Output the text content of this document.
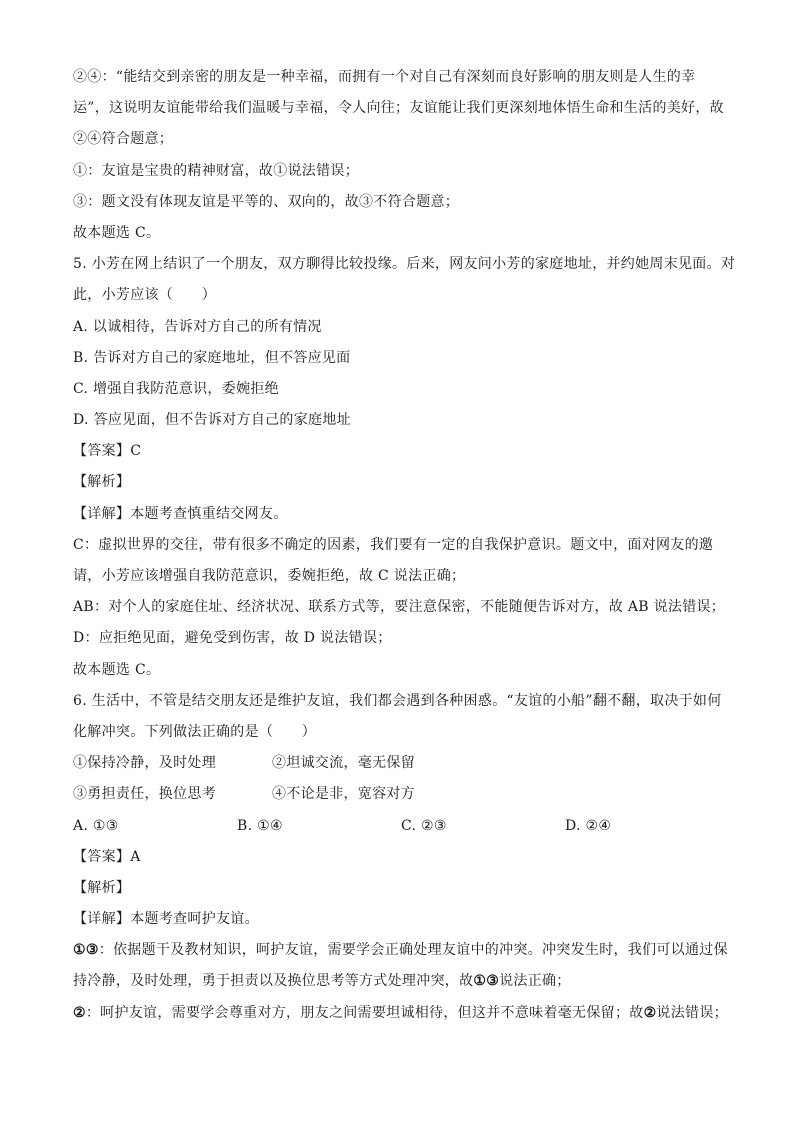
②④：“能结交到亲密的朋友是一种幸福，而拥有一个对自己有深刻而良好影响的朋友则是人生的幸
运”，这说明友谊能带给我们温暖与幸福，令人向往；友谊能让我们更深刻地体悟生命和生活的美好，故
②④符合题意；
①：友谊是宝贵的精神财富，故①说法错误；
③：题文没有体现友谊是平等的、双向的，故③不符合题意；
故本题选 C。
5. 小芳在网上结识了一个朋友，双方聊得比较投缘。后来，网友问小芳的家庭地址，并约她周末见面。对
此，小芳应该（　　）
A. 以诚相待，告诉对方自己的所有情况
B. 告诉对方自己的家庭地址，但不答应见面
C. 增强自我防范意识，委婉拒绝
D. 答应见面，但不告诉对方自己的家庭地址
【答案】C
【解析】
【详解】本题考查慎重结交网友。
C：虚拟世界的交往，带有很多不确定的因素，我们要有一定的自我保护意识。题文中，面对网友的邀
请，小芳应该增强自我防范意识，委婉拒绝，故 C 说法正确；
AB：对个人的家庭住址、经济状况、联系方式等，要注意保密，不能随便告诉对方，故 AB 说法错误；
D：应拒绝见面，避免受到伤害，故 D 说法错误；
故本题选 C。
6. 生活中，不管是结交朋友还是维护友谊，我们都会遇到各种困惑。“友谊的小船”翻不翻，取决于如何
化解冲突。下列做法正确的是（　　）
①保持冷静，及时处理	②坦诚交流，毫无保留
③勇担责任，换位思考	④不论是非，宽容对方
A. ①③	B. ①④	C. ②③	D. ②④
【答案】A
【解析】
【详解】本题考查呵护友谊。
①③：依据题干及教材知识，呵护友谊，需要学会正确处理友谊中的冲突。冲突发生时，我们可以通过保
持冷静，及时处理，勇于担责以及换位思考等方式处理冲突，故①③说法正确；
②：呵护友谊，需要学会尊重对方，朋友之间需要坦诚相待，但这并不意味着毫无保留；故②说法错误；
